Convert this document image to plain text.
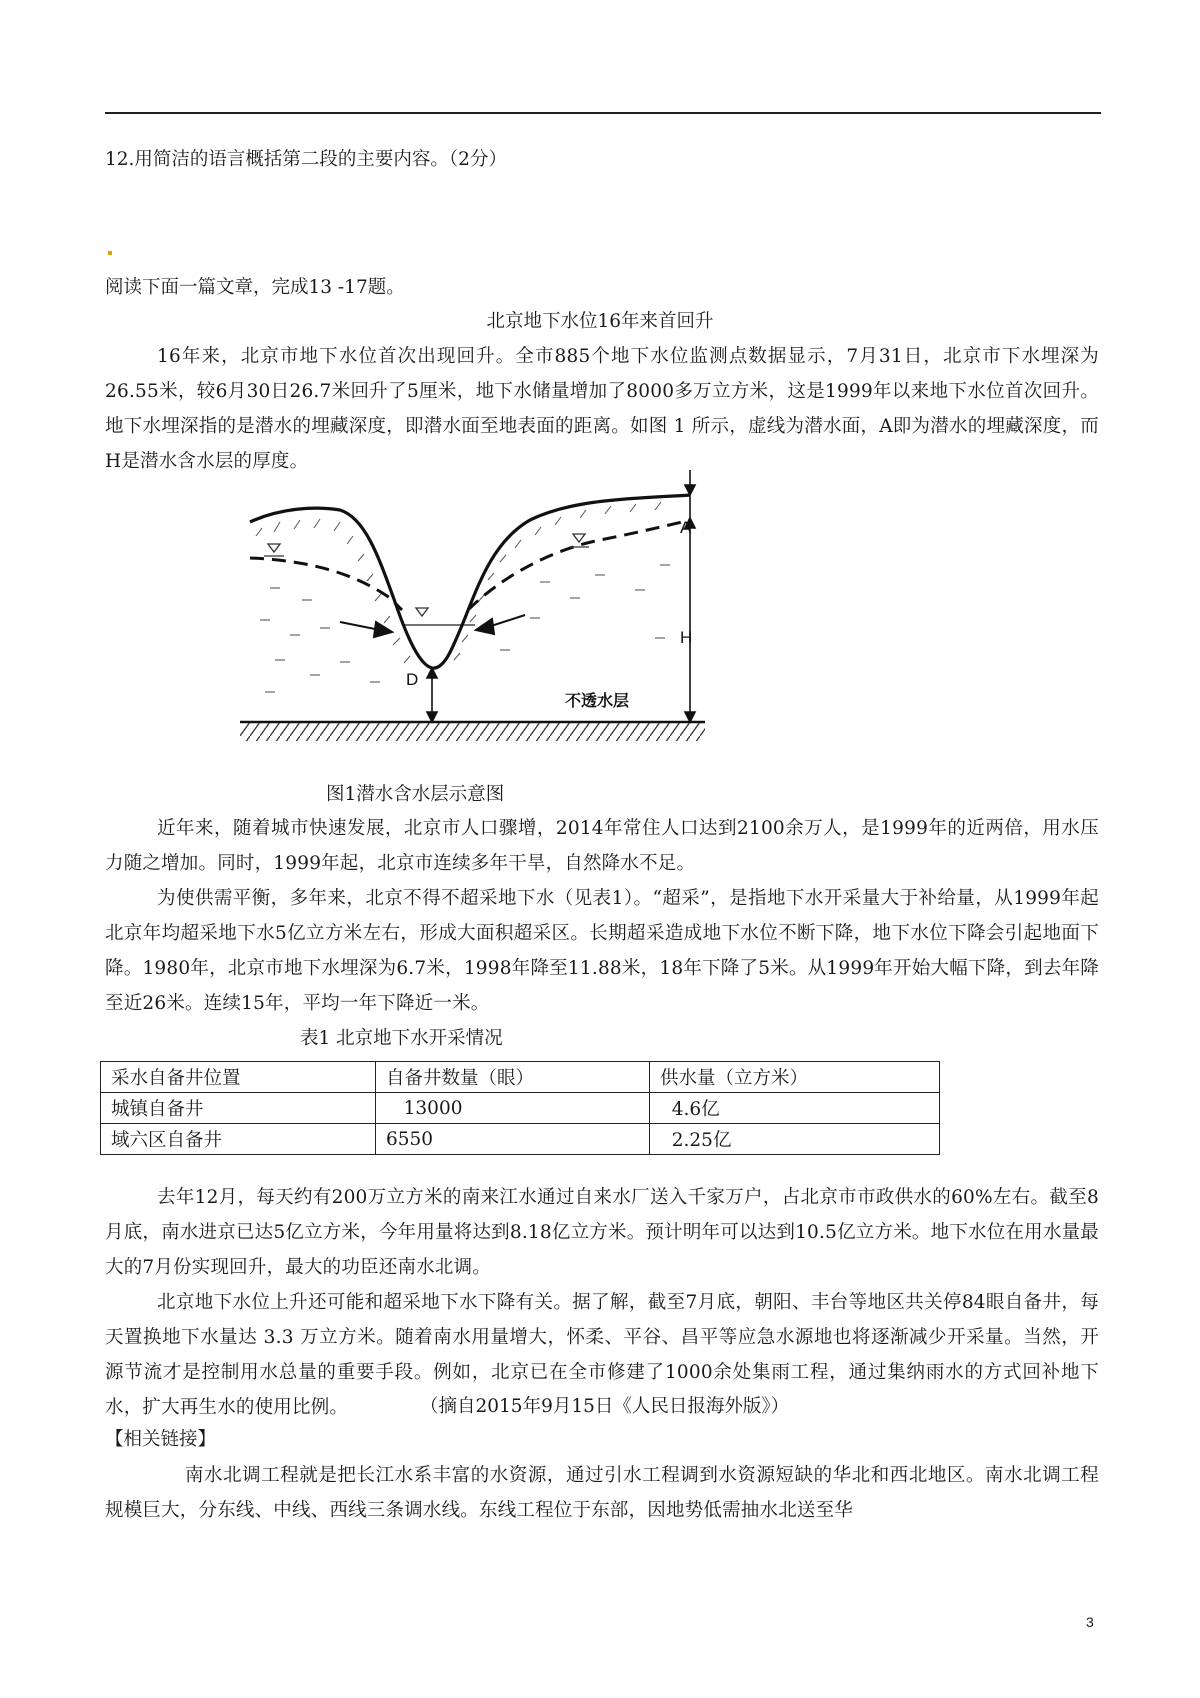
12.用简洁的语言概括第二段的主要内容。（2分）
阅读下面一篇文章，完成13 -17题。
北京地下水位16年来首回升
16年来，北京市地下水位首次出现回升。全市885个地下水位监测点数据显示，7月31日，北京市下水埋深为26.55米，较6月30日26.7米回升了5厘米，地下水储量增加了8000多万立方米，这是1999年以来地下水位首次回升。地下水埋深指的是潜水的埋藏深度，即潜水面至地表面的距离。如图 1 所示，虚线为潜水面，A即为潜水的埋藏深度，而H是潜水含水层的厚度。
D
A
H
不透水层
图1潜水含水层示意图
近年来，随着城市快速发展，北京市人口骤增，2014年常住人口达到2100余万人，是1999年的近两倍，用水压力随之增加。同时，1999年起，北京市连续多年干旱，自然降水不足。
为使供需平衡，多年来，北京不得不超采地下水（见表1）。“超采”，是指地下水开采量大于补给量，从1999年起北京年均超采地下水5亿立方米左右，形成大面积超采区。长期超采造成地下水位不断下降，地下水位下降会引起地面下降。1980年，北京市地下水埋深为6.7米，1998年降至11.88米，18年下降了5米。从1999年开始大幅下降，到去年降至近26米。连续15年，平均一年下降近一米。
表1 北京地下水开采情况
采水自备井位置	自备井数量（眼）	供水量（立方米）
城镇自备井	13000	4.6亿
域六区自备井	6550	2.25亿
去年12月，每天约有200万立方米的南来江水通过自来水厂送入千家万户，占北京市市政供水的60%左右。截至8月底，南水进京已达5亿立方米，今年用量将达到8.18亿立方米。预计明年可以达到10.5亿立方米。地下水位在用水量最大的7月份实现回升，最大的功臣还南水北调。
北京地下水位上升还可能和超采地下水下降有关。据了解，截至7月底，朝阳、丰台等地区共关停84眼自备井，每天置换地下水量达 3.3 万立方米。随着南水用量增大，怀柔、平谷、昌平等应急水源地也将逐渐减少开采量。当然，开源节流才是控制用水总量的重要手段。例如，北京已在全市修建了1000余处集雨工程，通过集纳雨水的方式回补地下水，扩大再生水的使用比例。	（摘自2015年9月15日《人民日报海外版》）
【相关链接】
南水北调工程就是把长江水系丰富的水资源，通过引水工程调到水资源短缺的华北和西北地区。南水北调工程规模巨大，分东线、中线、西线三条调水线。东线工程位于东部，因地势低需抽水北送至华
3
